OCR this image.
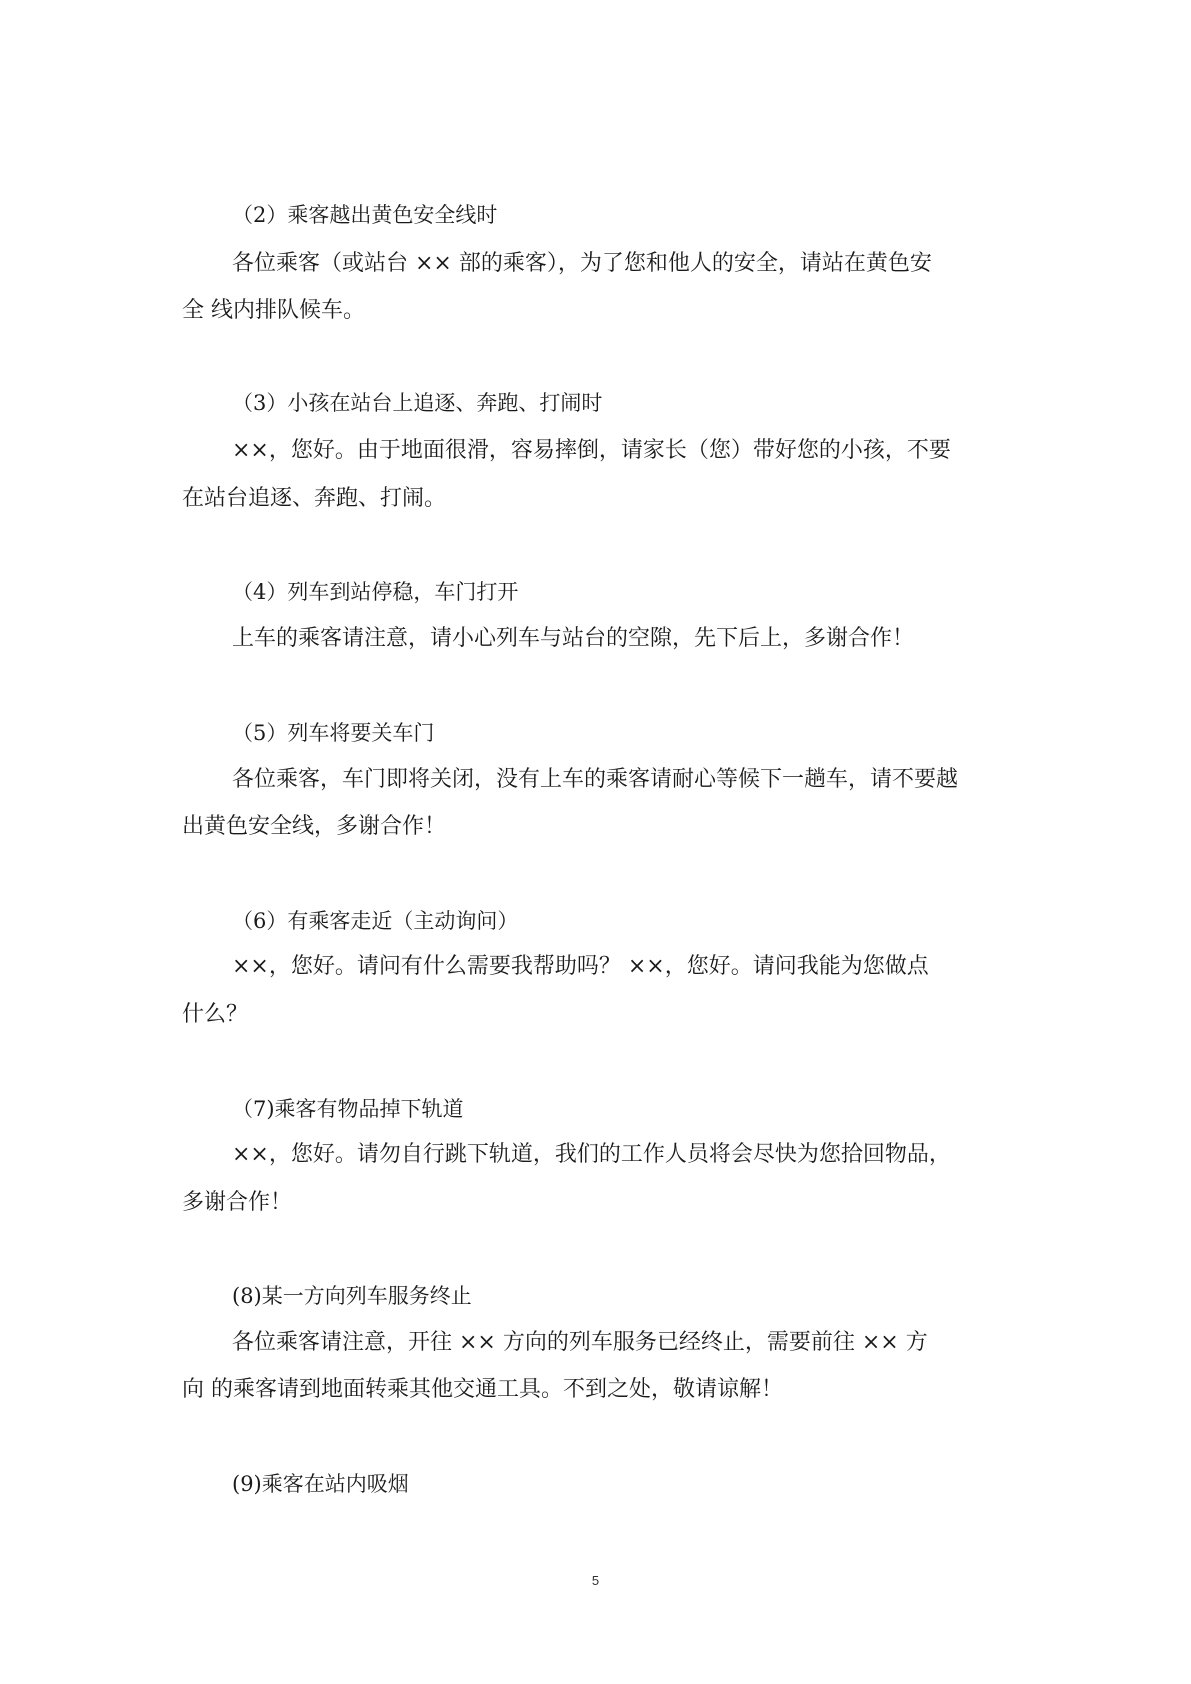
（2）乘客越出黄色安全线时
各位乘客（或站台 ×× 部的乘客），为了您和他人的安全，请站在黄色安
全 线内排队候车。
（3）小孩在站台上追逐、奔跑、打闹时
××，您好。由于地面很滑，容易摔倒，请家长（您）带好您的小孩，不要
在站台追逐、奔跑、打闹。
（4）列车到站停稳，车门打开
上车的乘客请注意，请小心列车与站台的空隙，先下后上，多谢合作！
（5）列车将要关车门
各位乘客，车门即将关闭，没有上车的乘客请耐心等候下一趟车，请不要越
出黄色安全线，多谢合作！
（6）有乘客走近（主动询问）
××，您好。请问有什么需要我帮助吗？ ××，您好。请问我能为您做点
什么？
（7)乘客有物品掉下轨道
××，您好。请勿自行跳下轨道，我们的工作人员将会尽快为您拾回物品，
多谢合作！
(8)某一方向列车服务终止
各位乘客请注意，开往 ×× 方向的列车服务已经终止，需要前往 ×× 方
向 的乘客请到地面转乘其他交通工具。不到之处，敬请谅解！
(9)乘客在站内吸烟
5
